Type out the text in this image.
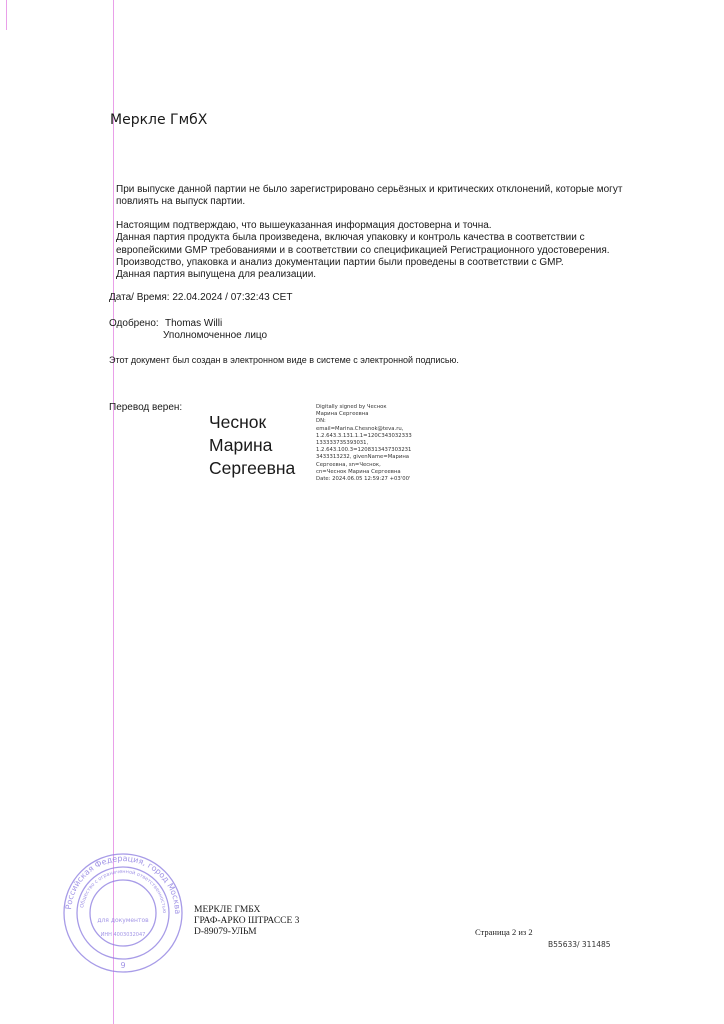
Меркле ГмбХ
При выпуске данной партии не было зарегистрировано серьёзных и критических отклонений, которые могут
повлиять на выпуск партии.
Настоящим подтверждаю, что вышеуказанная информация достоверна и точна.
Данная партия продукта была произведена, включая упаковку и контроль качества в соответствии с
европейскими GMP требованиями и в соответствии со спецификацией Регистрационного удостоверения.
Производство, упаковка и анализ документации партии были проведены в соответствии с GMP.
Данная партия выпущена для реализации.
Дата/ Время: 22.04.2024 / 07:32:43 CET
Одобрено: Thomas Willi
Уполномоченное лицо
Этот документ был создан в электронном виде в системе с электронной подписью.
Перевод верен:
Чеснок
Марина
Сергеевна
Digitally signed by Чеснок
Марина Сергеевна
DN:
email=Marina.Chesnok@teva.ru,
1.2.643.3.131.1.1=120C343032333
133333735393031,
1.2.643.100.3=1208313437303231
3433313232, givenName=Марина
Сергеевна, sn=Чеснок,
cn=Чеснок Марина Сергеевна
Date: 2024.06.05 12:59:27 +03'00'
Российская Федерация, город Москва
Общество с ограниченной ответственностью
для документов
ИНН 4003032047
9
МЕРКЛЕ ГМБХ
ГРАФ-АРКО ШТРАССЕ 3
D-89079-УЛЬМ	Страница 2 из 2
B55633/ 311485
